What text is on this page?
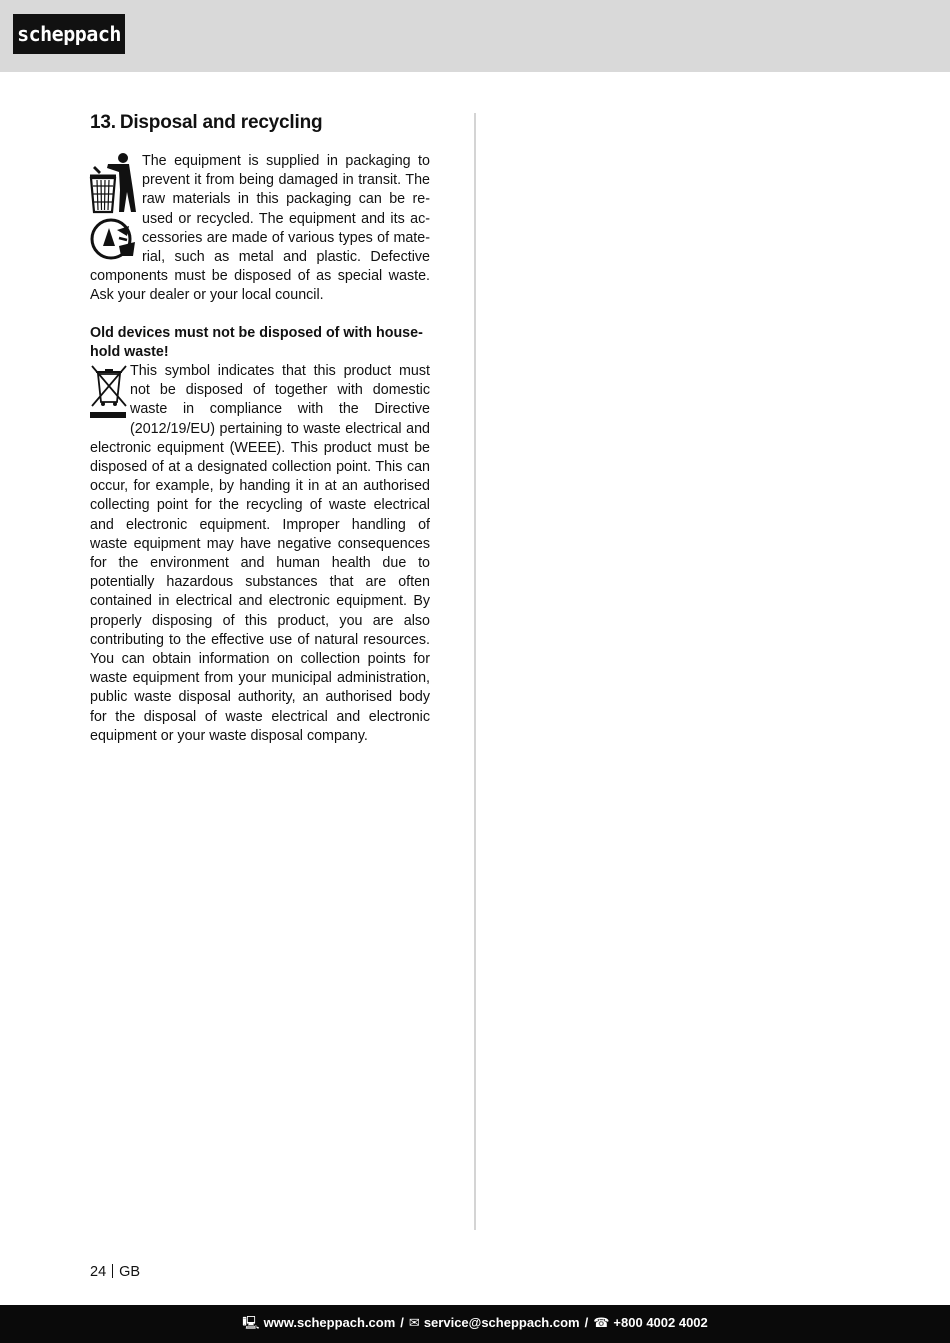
scheppach
13. Disposal and recycling

The equipment is supplied in packaging to prevent it from being damaged in transit. The raw materials in this packaging can be reused or recycled. The equipment and its accessories are made of various types of material, such as metal and plastic. Defective components must be disposed of as special waste. Ask your dealer or your local council.

Old devices must not be disposed of with household waste!

This symbol indicates that this product must not be disposed of together with domestic waste in compliance with the Directive (2012/19/EU) pertaining to waste electrical and electronic equipment (WEEE). This product must be disposed of at a designated collection point. This can occur, for example, by handing it in at an authorised collecting point for the recycling of waste electrical and electronic equipment. Improper handling of waste equipment may have negative consequences for the environment and human health due to potentially hazardous substances that are often contained in electrical and electronic equipment. By properly disposing of this product, you are also contributing to the effective use of natural resources. You can obtain information on collection points for waste equipment from your municipal administration, public waste disposal authority, an authorised body for the disposal of waste electrical and electronic equipment or your waste disposal company.

24 GB
🖳 www.scheppach.com / ✉ service@scheppach.com / ☎ +800 4002 4002
